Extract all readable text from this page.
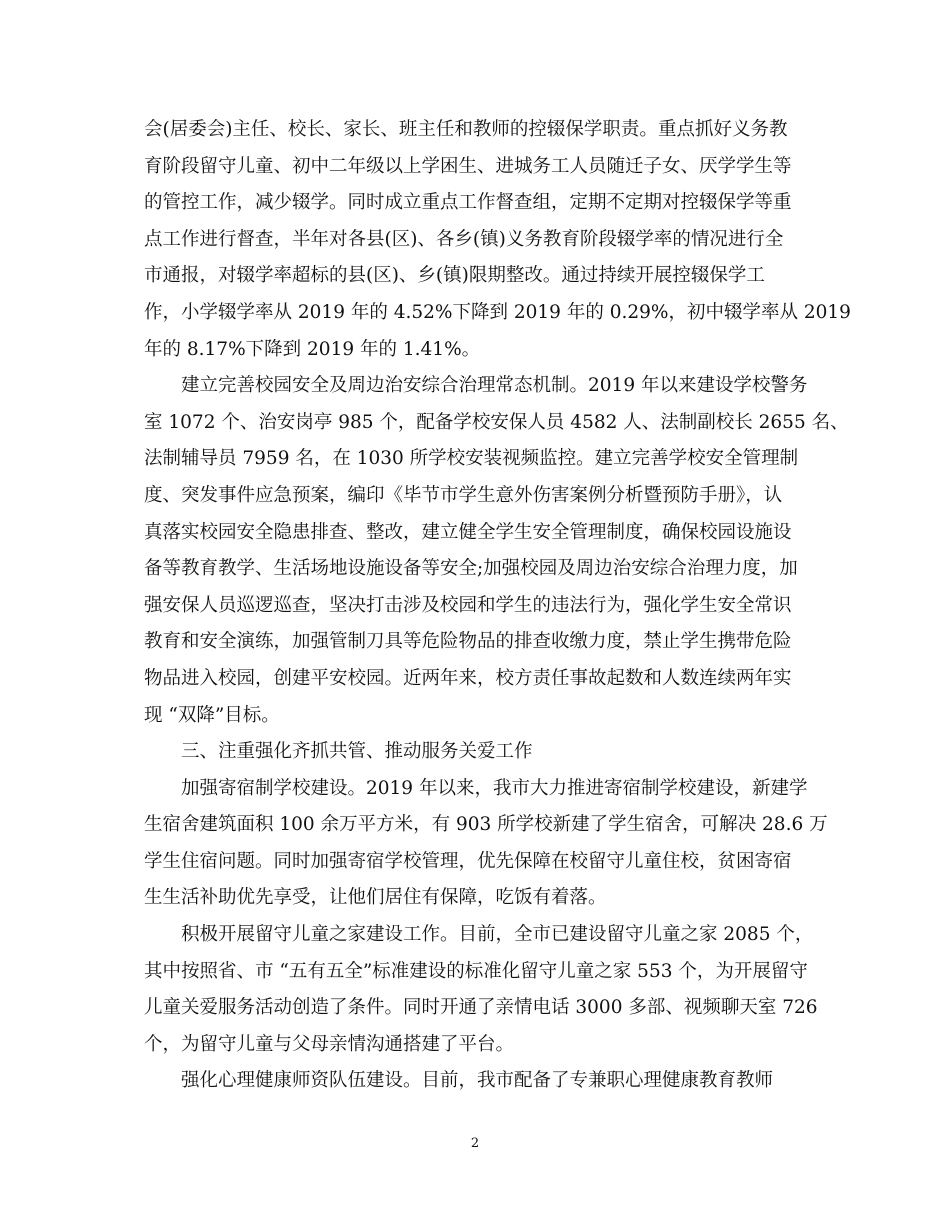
会(居委会)主任、校长、家长、班主任和教师的控辍保学职责。重点抓好义务教
育阶段留守儿童、初中二年级以上学困生、进城务工人员随迁子女、厌学学生等
的管控工作，减少辍学。同时成立重点工作督查组，定期不定期对控辍保学等重
点工作进行督查，半年对各县(区)、各乡(镇)义务教育阶段辍学率的情况进行全
市通报，对辍学率超标的县(区)、乡(镇)限期整改。通过持续开展控辍保学工
作，小学辍学率从 2019 年的 4.52%下降到 2019 年的 0.29%，初中辍学率从 2019
年的 8.17%下降到 2019 年的 1.41%。
建立完善校园安全及周边治安综合治理常态机制。2019 年以来建设学校警务
室 1072 个、治安岗亭 985 个，配备学校安保人员 4582 人、法制副校长 2655 名、
法制辅导员 7959 名，在 1030 所学校安装视频监控。建立完善学校安全管理制
度、突发事件应急预案，编印《毕节市学生意外伤害案例分析暨预防手册》，认
真落实校园安全隐患排查、整改，建立健全学生安全管理制度，确保校园设施设
备等教育教学、生活场地设施设备等安全;加强校园及周边治安综合治理力度，加
强安保人员巡逻巡查，坚决打击涉及校园和学生的违法行为，强化学生安全常识
教育和安全演练，加强管制刀具等危险物品的排查收缴力度，禁止学生携带危险
物品进入校园，创建平安校园。近两年来，校方责任事故起数和人数连续两年实
现 “双降”目标。
三、注重强化齐抓共管、推动服务关爱工作
加强寄宿制学校建设。2019 年以来，我市大力推进寄宿制学校建设，新建学
生宿舍建筑面积 100 余万平方米，有 903 所学校新建了学生宿舍，可解决 28.6 万
学生住宿问题。同时加强寄宿学校管理，优先保障在校留守儿童住校，贫困寄宿
生生活补助优先享受，让他们居住有保障，吃饭有着落。
积极开展留守儿童之家建设工作。目前，全市已建设留守儿童之家 2085 个，
其中按照省、市 “五有五全”标准建设的标准化留守儿童之家 553 个，为开展留守
儿童关爱服务活动创造了条件。同时开通了亲情电话 3000 多部、视频聊天室 726
个，为留守儿童与父母亲情沟通搭建了平台。
强化心理健康师资队伍建设。目前，我市配备了专兼职心理健康教育教师
2
